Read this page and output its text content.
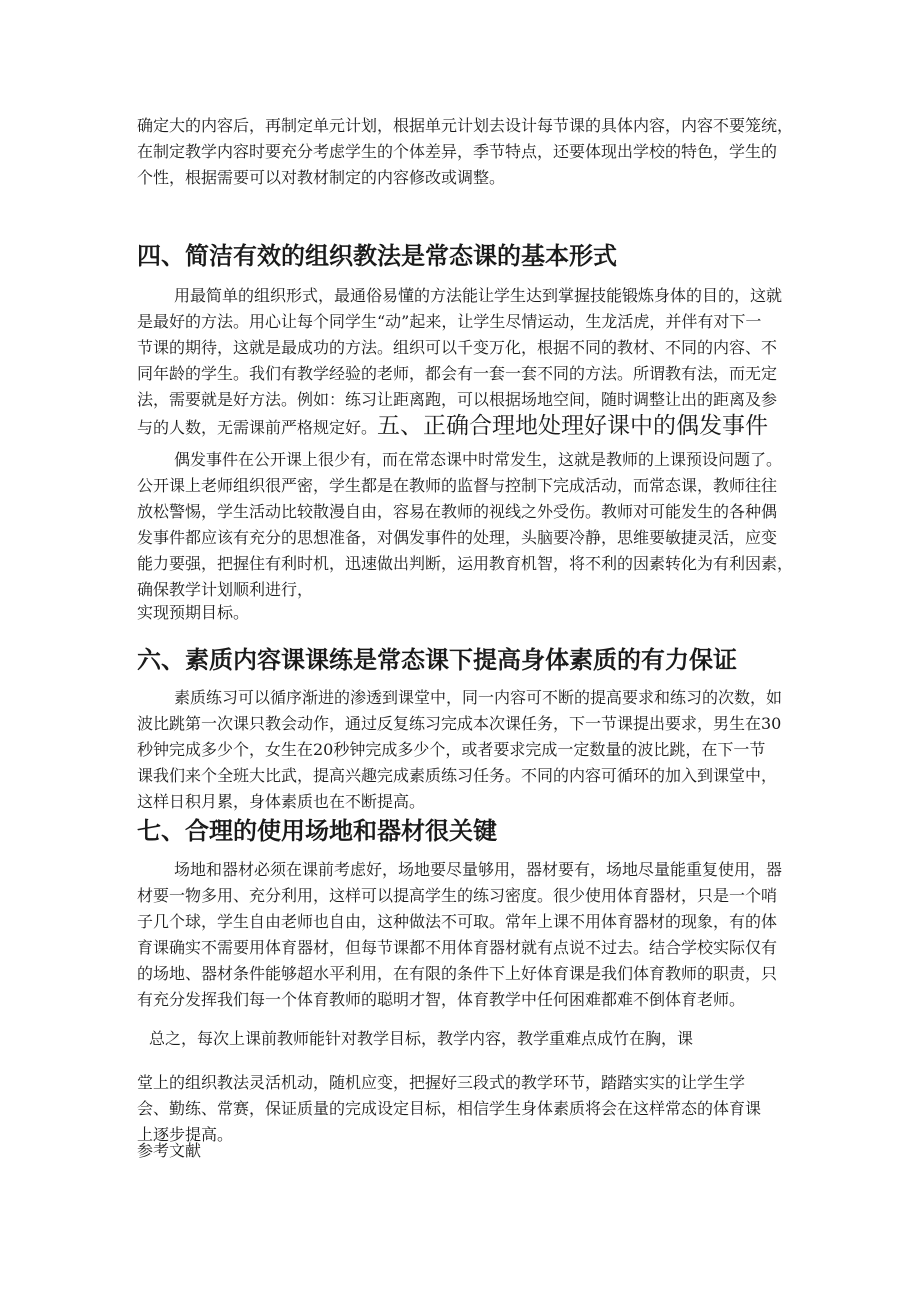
确定大的内容后，再制定单元计划，根据单元计划去设计每节课的具体内容，内容不要笼统，
在制定教学内容时要充分考虑学生的个体差异，季节特点，还要体现出学校的特色，学生的
个性，根据需要可以对教材制定的内容修改或调整。
四、简洁有效的组织教法是常态课的基本形式
用最简单的组织形式，最通俗易懂的方法能让学生达到掌握技能锻炼身体的目的，这就
是最好的方法。用心让每个同学生“动”起来，让学生尽情运动，生龙活虎，并伴有对下一
节课的期待，这就是最成功的方法。组织可以千变万化，根据不同的教材、不同的内容、不
同年龄的学生。我们有教学经验的老师，都会有一套一套不同的方法。所谓教有法，而无定
法，需要就是好方法。例如：练习让距离跑，可以根据场地空间，随时调整让出的距离及参
与的人数，无需课前严格规定好。五、正确合理地处理好课中的偶发事件
偶发事件在公开课上很少有，而在常态课中时常发生，这就是教师的上课预设问题了。
公开课上老师组织很严密，学生都是在教师的监督与控制下完成活动，而常态课，教师往往
放松警惕，学生活动比较散漫自由，容易在教师的视线之外受伤。教师对可能发生的各种偶
发事件都应该有充分的思想准备，对偶发事件的处理，头脑要冷静，思维要敏捷灵活，应变
能力要强，把握住有利时机，迅速做出判断，运用教育机智，将不利的因素转化为有利因素，
确保教学计划顺利进行，

实现预期目标。

六、素质内容课课练是常态课下提高身体素质的有力保证
素质练习可以循序渐进的渗透到课堂中，同一内容可不断的提高要求和练习的次数，如
波比跳第一次课只教会动作，通过反复练习完成本次课任务，下一节课提出要求，男生在30
秒钟完成多少个，女生在20秒钟完成多少个，或者要求完成一定数量的波比跳，在下一节
课我们来个全班大比武，提高兴趣完成素质练习任务。不同的内容可循环的加入到课堂中，
这样日积月累，身体素质也在不断提高。
七、合理的使用场地和器材很关键
场地和器材必须在课前考虑好，场地要尽量够用，器材要有，场地尽量能重复使用，器
材要一物多用、充分利用，这样可以提高学生的练习密度。很少使用体育器材，只是一个哨
子几个球，学生自由老师也自由，这种做法不可取。常年上课不用体育器材的现象，有的体
育课确实不需要用体育器材，但每节课都不用体育器材就有点说不过去。结合学校实际仅有
的场地、器材条件能够超水平利用，在有限的条件下上好体育课是我们体育教师的职责，只
有充分发挥我们每一个体育教师的聪明才智，体育教学中任何困难都难不倒体育老师。

总之，每次上课前教师能针对教学目标，教学内容，教学重难点成竹在胸，课

堂上的组织教法灵活机动，随机应变，把握好三段式的教学环节，踏踏实实的让学生学
会、勤练、常赛，保证质量的完成设定目标，相信学生身体素质将会在这样常态的体育课
上逐步提高。

参考文献
